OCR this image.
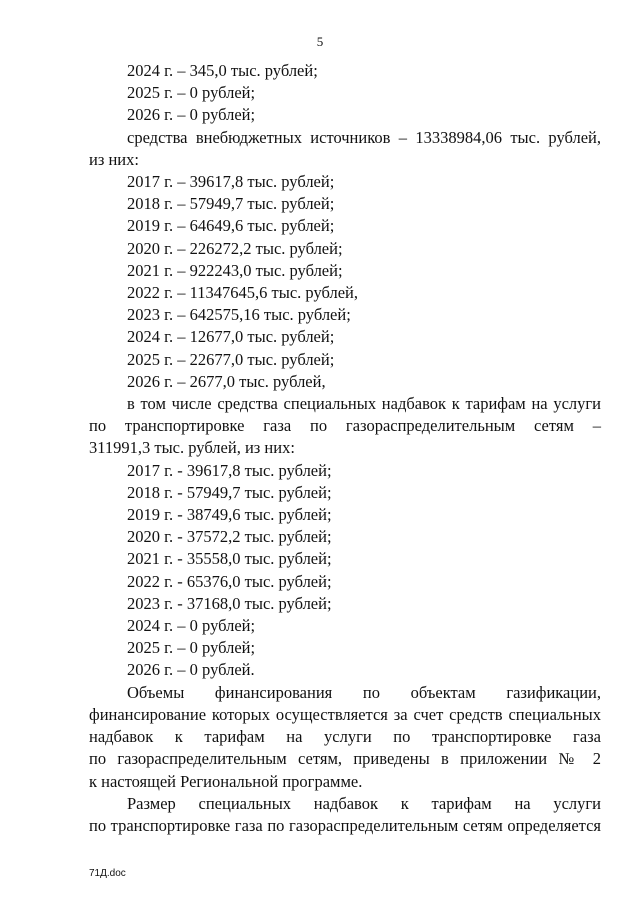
5
2024 г. – 345,0 тыс. рублей;
2025 г. – 0 рублей;
2026 г. – 0 рублей;
средства внебюджетных источников – 13338984,06 тыс. рублей,
из них:
2017 г. – 39617,8 тыс. рублей;
2018 г. – 57949,7 тыс. рублей;
2019 г. – 64649,6 тыс. рублей;
2020 г. – 226272,2 тыс. рублей;
2021 г. – 922243,0 тыс. рублей;
2022 г. – 11347645,6 тыс. рублей,
2023 г. – 642575,16 тыс. рублей;
2024 г. – 12677,0 тыс. рублей;
2025 г. – 22677,0 тыс. рублей;
2026 г. – 2677,0 тыс. рублей,
в том числе средства специальных надбавок к тарифам на услуги
по транспортировке газа по газораспределительным сетям –
311991,3 тыс. рублей, из них:
2017 г. - 39617,8 тыс. рублей;
2018 г. - 57949,7 тыс. рублей;
2019 г. - 38749,6 тыс. рублей;
2020 г. - 37572,2 тыс. рублей;
2021 г. - 35558,0 тыс. рублей;
2022 г. - 65376,0 тыс. рублей;
2023 г. - 37168,0 тыс. рублей;
2024 г. – 0 рублей;
2025 г. – 0 рублей;
2026 г. – 0 рублей.
Объемы финансирования по объектам газификации,
финансирование которых осуществляется за счет средств специальных
надбавок к тарифам на услуги по транспортировке газа
по газораспределительным сетям, приведены в приложении № 2
к настоящей Региональной программе.
Размер специальных надбавок к тарифам на услуги
по транспортировке газа по газораспределительным сетям определяется
71Д.doc
